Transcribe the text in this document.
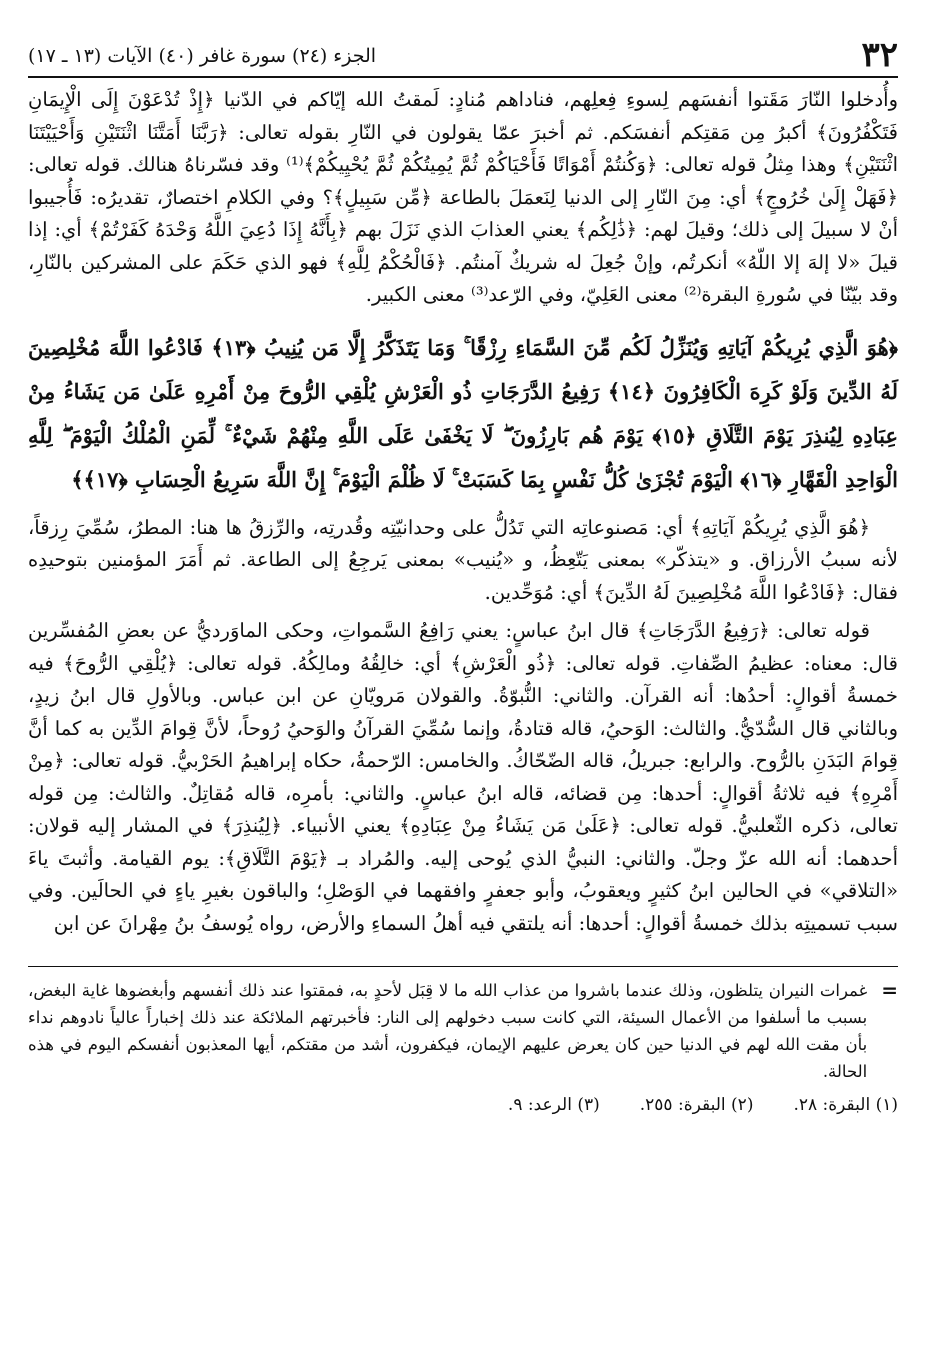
٣٢
الجزء (٢٤) سورة غافر (٤٠) الآيات (١٣ ـ ١٧)

وأُدخلوا النّارَ مَقَتوا أنفسَهم لِسوءِ فِعلِهم، فناداهم مُنادٍ: لَمقتُ الله إيّاكم في الدّنيا ﴿إِذْ تُدْعَوْنَ إِلَى الْإِيمَانِ فَتَكْفُرُونَ﴾ أكبرُ مِن مَقتِكم أنفسَكم. ثم أخبرَ عمّا يقولون في النّارِ بقوله تعالى: ﴿رَبَّنَا أَمَتَّنَا اثْنَتَيْنِ وَأَحْيَيْتَنَا اثْنَتَيْنِ﴾ وهذا مِثلُ قوله تعالى: ﴿وَكُنتُمْ أَمْوَاتًا فَأَحْيَاكُمْ ثُمَّ يُمِيتُكُمْ ثُمَّ يُحْيِيكُمْ﴾⁽¹⁾ وقد فسّرناهُ هنالك. قوله تعالى: ﴿فَهَلْ إِلَىٰ خُرُوجٍ﴾ أي: مِنَ النّارِ إلى الدنيا لِنَعمَلَ بالطاعة ﴿مِّن سَبِيلٍ﴾؟ وفي الكلامِ اختصارٌ، تقديرُه: فَأُجيبوا أنْ لا سبيلَ إلى ذلك؛ وقيلَ لهم: ﴿ذَٰلِكُم﴾ يعني العذابَ الذي نَزَلَ بهم ﴿بِأَنَّهُ إِذَا دُعِيَ اللَّهُ وَحْدَهُ كَفَرْتُمْ﴾ أي: إذا قيلَ «لا إلهَ إلا اللّهُ» أنكرتُم، وإنْ جُعِلَ له شريكٌ آمنتُم. ﴿فَالْحُكْمُ لِلَّهِ﴾ فهو الذي حَكَمَ على المشركين بالنّارِ، وقد بيّنّا في سُورةِ البقرة⁽²⁾ معنى العَلِيّ، وفي الرّعد⁽³⁾ معنى الكبير.

﴿هُوَ الَّذِي يُرِيكُمْ آيَاتِهِ وَيُنَزِّلُ لَكُم مِّنَ السَّمَاءِ رِزْقًا ۚ وَمَا يَتَذَكَّرُ إِلَّا مَن يُنِيبُ ﴿١٣﴾ فَادْعُوا اللَّهَ مُخْلِصِينَ لَهُ الدِّينَ وَلَوْ كَرِهَ الْكَافِرُونَ ﴿١٤﴾ رَفِيعُ الدَّرَجَاتِ ذُو الْعَرْشِ يُلْقِي الرُّوحَ مِنْ أَمْرِهِ عَلَىٰ مَن يَشَاءُ مِنْ عِبَادِهِ لِيُنذِرَ يَوْمَ التَّلَاقِ ﴿١٥﴾ يَوْمَ هُم بَارِزُونَ ۖ لَا يَخْفَىٰ عَلَى اللَّهِ مِنْهُمْ شَيْءٌ ۚ لِّمَنِ الْمُلْكُ الْيَوْمَ ۖ لِلَّهِ الْوَاحِدِ الْقَهَّارِ ﴿١٦﴾ الْيَوْمَ تُجْزَىٰ كُلُّ نَفْسٍ بِمَا كَسَبَتْ ۚ لَا ظُلْمَ الْيَوْمَ ۚ إِنَّ اللَّهَ سَرِيعُ الْحِسَابِ ﴿١٧﴾﴾

﴿هُوَ الَّذِي يُرِيكُمْ آيَاتِهِ﴾ أي: مَصنوعاتِه التي تَدُلُّ على وحدانيّتِه وقُدرتِه، والرِّزقُ ها هنا: المطرُ، سُمِّيَ رِزقاً، لأنه سببُ الأرزاق. و «يتذكّر» بمعنى يَتّعِظُ، و «يُنيب» بمعنى يَرجِعُ إلى الطاعة. ثم أَمَرَ المؤمنين بتوحيدِه فقال: ﴿فَادْعُوا اللَّهَ مُخْلِصِينَ لَهُ الدِّينَ﴾ أي: مُوَحِّدين.

قوله تعالى: ﴿رَفِيعُ الدَّرَجَاتِ﴾ قال ابنُ عباسٍ: يعني رَافِعُ السَّمواتِ، وحكى الماوَرديُّ عن بعضِ المُفسِّرين قال: معناه: عظيمُ الصِّفاتِ. قوله تعالى: ﴿ذُو الْعَرْشِ﴾ أي: خالِقُهُ ومالِكُهُ. قوله تعالى: ﴿يُلْقِي الرُّوحَ﴾ فيه خمسةُ أقوالٍ: أحدُها: أنه القرآن. والثاني: النُّبوّةُ. والقولان مَرويّانِ عن ابن عباس. وبالأولِ قال ابنُ زيدٍ، وبالثاني قال السُّدّيُّ. والثالث: الوَحيُ، قاله قتادةُ، وإنما سُمِّيَ القرآنُ والوَحيُ رُوحاً، لأنَّ قِوامَ الدِّين به كما أنَّ قِوامَ البَدَنِ بالرُّوح. والرابع: جبريلُ، قاله الضّحّاكُ. والخامس: الرّحمةُ، حكاه إبراهيمُ الحَرْبيُّ. قوله تعالى: ﴿مِنْ أَمْرِهِ﴾ فيه ثلاثةُ أقوالٍ: أحدها: مِن قضائه، قاله ابنُ عباسٍ. والثاني: بأمرِه، قاله مُقاتِلٌ. والثالث: مِن قوله تعالى، ذكره الثّعلبيُّ. قوله تعالى: ﴿عَلَىٰ مَن يَشَاءُ مِنْ عِبَادِهِ﴾ يعني الأنبياء. ﴿لِيُنذِرَ﴾ في المشار إليه قولان: أحدهما: أنه الله عزّ وجلّ. والثاني: النبيُّ الذي يُوحى إليه. والمُراد بـ ﴿يَوْمَ التَّلَاقِ﴾: يوم القيامة. وأثبتَ ياءَ «التلاقي» في الحالين ابنُ كثيرٍ ويعقوبُ، وأبو جعفرٍ وافقهما في الوَصْلِ؛ والباقون بغيرِ ياءٍ في الحالَين. وفي سبب تسميتِه بذلك خمسةُ أقوالٍ: أحدها: أنه يلتقي فيه أهلُ السماءِ والأرض، رواه يُوسفُ بنُ مِهْرانَ عن ابن

=
غمرات النيران يتلظون، وذلك عندما باشروا من عذاب الله ما لا قِبَل لأحدٍ به، فمقتوا عند ذلك أنفسهم وأبغضوها غاية البغض، بسبب ما أسلفوا من الأعمال السيئة، التي كانت سبب دخولهم إلى النار: فأخبرتهم الملائكة عند ذلك إخباراً عالياً نادوهم نداء بأن مقت الله لهم في الدنيا حين كان يعرض عليهم الإيمان، فيكفرون، أشد من مقتكم، أيها المعذبون أنفسكم اليوم في هذه الحالة.
(١) البقرة: ٢٨.
(٢) البقرة: ٢٥٥.
(٣) الرعد: ٩.
